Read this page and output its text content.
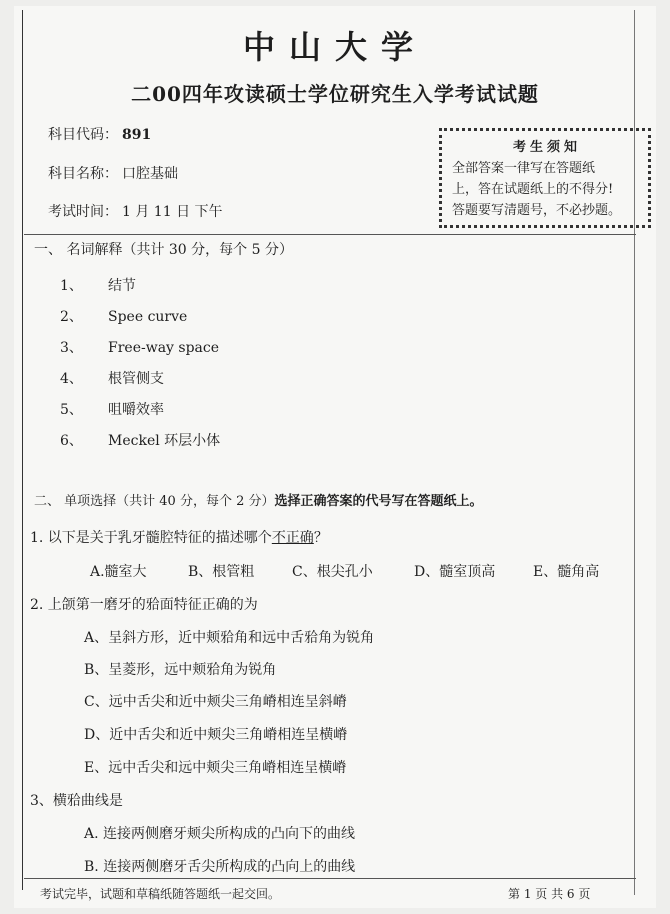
中山大学
二00四年攻读硕士学位研究生入学考试试题
科目代码： 891
科目名称： 口腔基础
考试时间： 1 月 11 日 下午

考生须知

全部答案一律写在答题纸

上，答在试题纸上的不得分!

答题要写清题号，不必抄题。

一、 名词解释（共计 30 分，每个 5 分）
1、 结节
2、 Spee curve
3、 Free-way space
4、 根管侧支
5、 咀嚼效率
6、 Meckel 环层小体
二、 单项选择（共计 40 分，每个 2 分）选择正确答案的代号写在答题纸上。
1. 以下是关于乳牙髓腔特征的描述哪个不正确？
A.髓室大	B、根管粗	C、根尖孔小	D、髓室顶高	E、髓角高
2. 上颌第一磨牙的𬌗面特征正确的为
A、呈斜方形，近中颊𬌗角和远中舌𬌗角为锐角
B、呈菱形，远中颊𬌗角为锐角
C、远中舌尖和近中颊尖三角嵴相连呈斜嵴
D、近中舌尖和近中颊尖三角嵴相连呈横嵴
E、远中舌尖和远中颊尖三角嵴相连呈横嵴
3、横𬌗曲线是
A. 连接两侧磨牙颊尖所构成的凸向下的曲线
B. 连接两侧磨牙舌尖所构成的凸向上的曲线
考试完毕，试题和草稿纸随答题纸一起交回。	第 1 页 共 6 页
